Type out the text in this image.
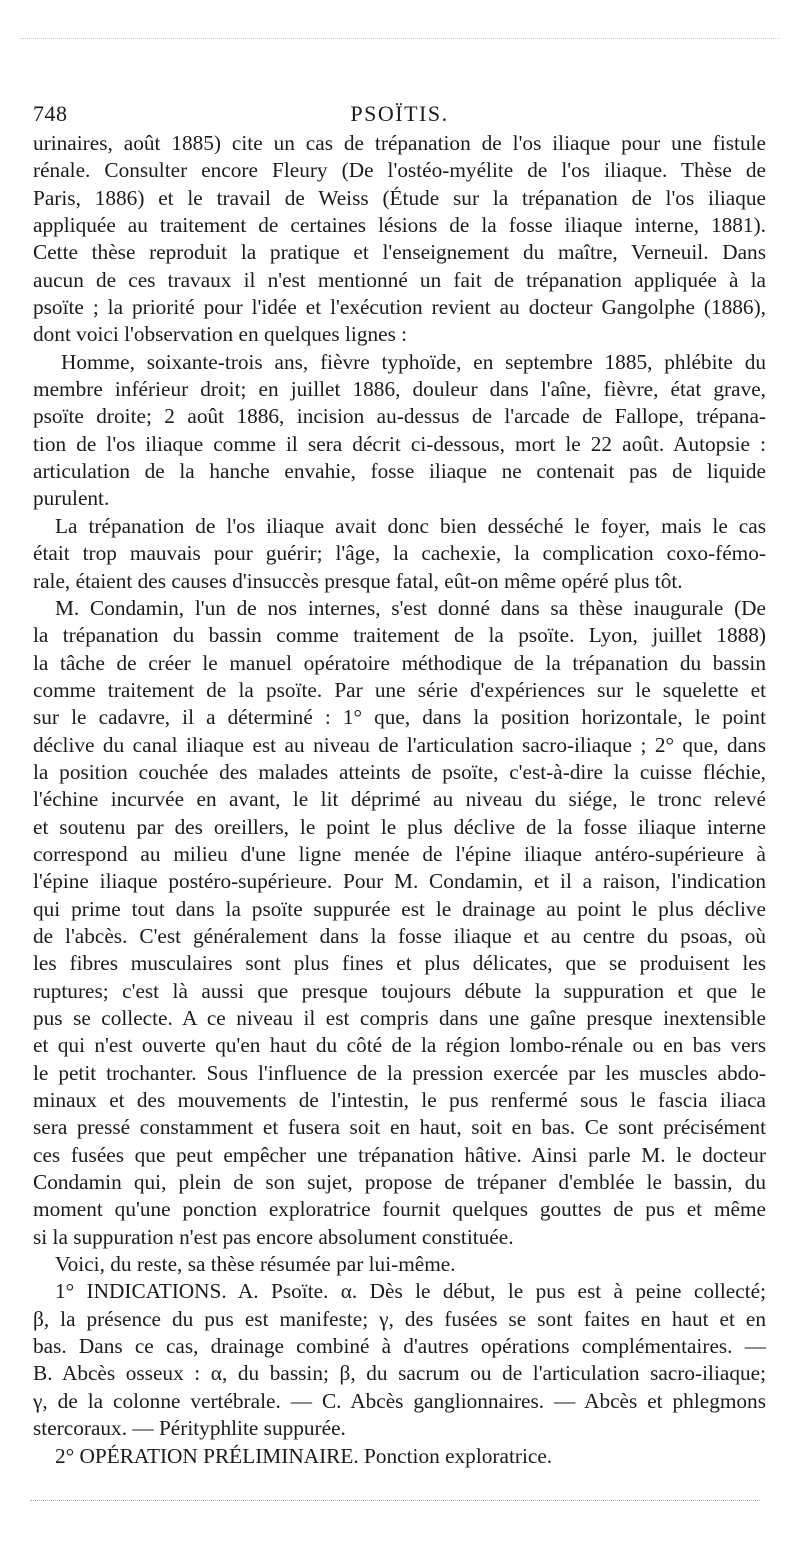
748	PSOÏTIS.
urinaires, août 1885) cite un cas de trépanation de l'os iliaque pour une fistule
rénale. Consulter encore Fleury (De l'ostéo-myélite de l'os iliaque. Thèse de
Paris, 1886) et le travail de Weiss (Étude sur la trépanation de l'os iliaque
appliquée au traitement de certaines lésions de la fosse iliaque interne, 1881).
Cette thèse reproduit la pratique et l'enseignement du maître, Verneuil. Dans
aucun de ces travaux il n'est mentionné un fait de trépanation appliquée à la
psoïte ; la priorité pour l'idée et l'exécution revient au docteur Gangolphe (1886),
dont voici l'observation en quelques lignes :
Homme, soixante-trois ans, fièvre typhoïde, en septembre 1885, phlébite du
membre inférieur droit; en juillet 1886, douleur dans l'aîne, fièvre, état grave,
psoïte droite; 2 août 1886, incision au-dessus de l'arcade de Fallope, trépana-
tion de l'os iliaque comme il sera décrit ci-dessous, mort le 22 août. Autopsie :
articulation de la hanche envahie, fosse iliaque ne contenait pas de liquide
purulent.
La trépanation de l'os iliaque avait donc bien desséché le foyer, mais le cas
était trop mauvais pour guérir; l'âge, la cachexie, la complication coxo-fémo-
rale, étaient des causes d'insuccès presque fatal, eût-on même opéré plus tôt.
M. Condamin, l'un de nos internes, s'est donné dans sa thèse inaugurale (De
la trépanation du bassin comme traitement de la psoïte. Lyon, juillet 1888)
la tâche de créer le manuel opératoire méthodique de la trépanation du bassin
comme traitement de la psoïte. Par une série d'expériences sur le squelette et
sur le cadavre, il a déterminé : 1° que, dans la position horizontale, le point
déclive du canal iliaque est au niveau de l'articulation sacro-iliaque ; 2° que, dans
la position couchée des malades atteints de psoïte, c'est-à-dire la cuisse fléchie,
l'échine incurvée en avant, le lit déprimé au niveau du siége, le tronc relevé
et soutenu par des oreillers, le point le plus déclive de la fosse iliaque interne
correspond au milieu d'une ligne menée de l'épine iliaque antéro-supérieure à
l'épine iliaque postéro-supérieure. Pour M. Condamin, et il a raison, l'indication
qui prime tout dans la psoïte suppurée est le drainage au point le plus déclive
de l'abcès. C'est généralement dans la fosse iliaque et au centre du psoas, où
les fibres musculaires sont plus fines et plus délicates, que se produisent les
ruptures; c'est là aussi que presque toujours débute la suppuration et que le
pus se collecte. A ce niveau il est compris dans une gaîne presque inextensible
et qui n'est ouverte qu'en haut du côté de la région lombo-rénale ou en bas vers
le petit trochanter. Sous l'influence de la pression exercée par les muscles abdo-
minaux et des mouvements de l'intestin, le pus renfermé sous le fascia iliaca
sera pressé constamment et fusera soit en haut, soit en bas. Ce sont précisément
ces fusées que peut empêcher une trépanation hâtive. Ainsi parle M. le docteur
Condamin qui, plein de son sujet, propose de trépaner d'emblée le bassin, du
moment qu'une ponction exploratrice fournit quelques gouttes de pus et même
si la suppuration n'est pas encore absolument constituée.
Voici, du reste, sa thèse résumée par lui-même.
1° INDICATIONS. A. Psoïte. α. Dès le début, le pus est à peine collecté;
β, la présence du pus est manifeste; γ, des fusées se sont faites en haut et en
bas. Dans ce cas, drainage combiné à d'autres opérations complémentaires. —
B. Abcès osseux : α, du bassin; β, du sacrum ou de l'articulation sacro-iliaque;
γ, de la colonne vertébrale. — C. Abcès ganglionnaires. — Abcès et phlegmons
stercoraux. — Pérityphlite suppurée.
2° OPÉRATION PRÉLIMINAIRE. Ponction exploratrice.
